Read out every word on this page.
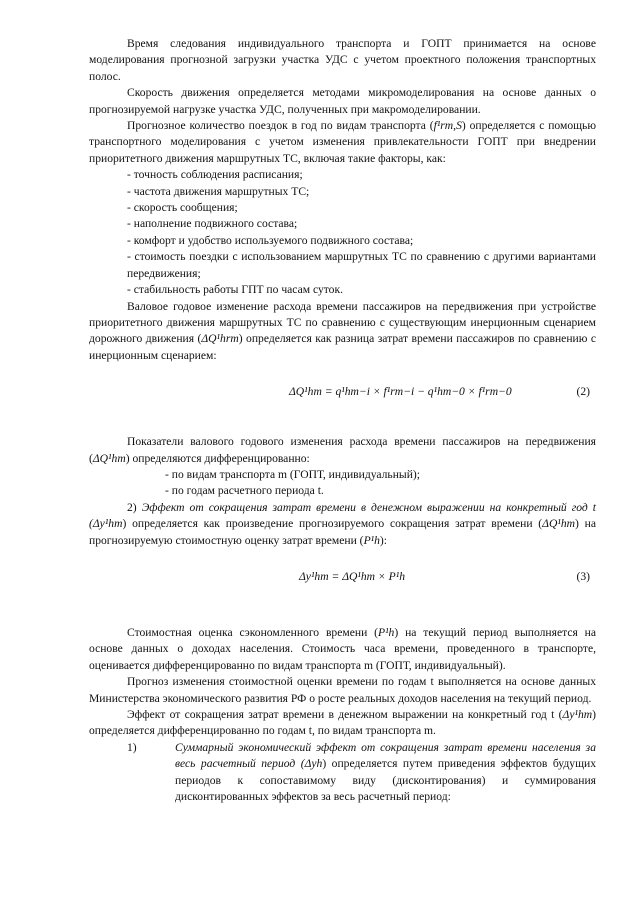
Время следования индивидуального транспорта и ГОПТ принимается на основе моделирования прогнозной загрузки участка УДС с учетом проектного положения транспортных полос.

Скорость движения определяется методами микромоделирования на основе данных о прогнозируемой нагрузке участка УДС, полученных при макромоделировании.

Прогнозное количество поездок в год по видам транспорта (f¹rm,S) определяется с помощью транспортного моделирования с учетом изменения привлекательности ГОПТ при внедрении приоритетного движения маршрутных ТС, включая такие факторы, как:

- точность соблюдения расписания;
- частота движения маршрутных ТС;
- скорость сообщения;
- наполнение подвижного состава;
- комфорт и удобство используемого подвижного состава;
- стоимость поездки с использованием маршрутных ТС по сравнению с другими вариантами передвижения;
- стабильность работы ГПТ по часам суток.

Валовое годовое изменение расхода времени пассажиров на передвижения при устройстве приоритетного движения маршрутных ТС по сравнению с существующим инерционным сценарием дорожного движения (ΔQ¹hrm) определяется как разница затрат времени пассажиров по сравнению с инерционным сценарием:

ΔQ¹hm = q¹hm−i × f¹rm−i − q¹hm−0 × f¹rm−0	(2)

Показатели валового годового изменения расхода времени пассажиров на передвижения (ΔQ¹hm) определяются дифференцированно:

- по видам транспорта m (ГОПТ, индивидуальный);
- по годам расчетного периода t.

2) Эффект от сокращения затрат времени в денежном выражении на конкретный год t (Δy¹hm) определяется как произведение прогнозируемого сокращения затрат времени (ΔQ¹hm) на прогнозируемую стоимостную оценку затрат времени (P¹h):

Δy¹hm = ΔQ¹hm × P¹h	(3)

Стоимостная оценка сэкономленного времени (P¹h) на текущий период выполняется на основе данных о доходах населения. Стоимость часа времени, проведенного в транспорте, оценивается дифференцированно по видам транспорта m (ГОПТ, индивидуальный).

Прогноз изменения стоимостной оценки времени по годам t выполняется на основе данных Министерства экономического развития РФ о росте реальных доходов населения на текущий период.

Эффект от сокращения затрат времени в денежном выражении на конкретный год t (Δy¹hm) определяется дифференцированно по годам t, по видам транспорта m.

1)	Суммарный экономический эффект от сокращения затрат времени населения за весь расчетный период (Δyh) определяется путем приведения эффектов будущих периодов к сопоставимому виду (дисконтирования) и суммирования дисконтированных эффектов за весь расчетный период:
